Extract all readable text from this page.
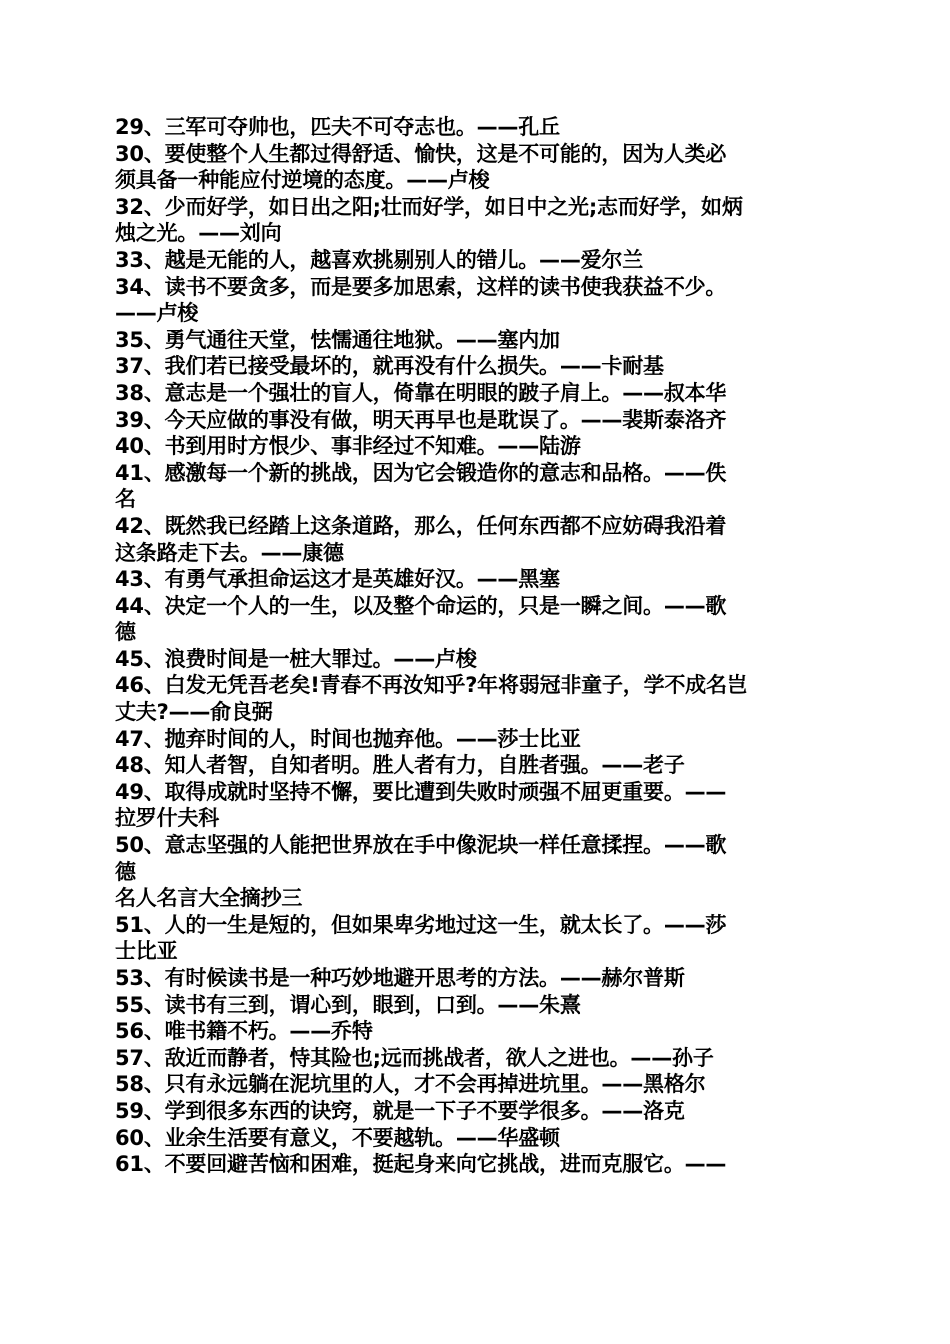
29、三军可夺帅也，匹夫不可夺志也。——孔丘
30、要使整个人生都过得舒适、愉快，这是不可能的，因为人类必
须具备一种能应付逆境的态度。——卢梭
32、少而好学，如日出之阳;壮而好学，如日中之光;志而好学，如炳
烛之光。——刘向
33、越是无能的人，越喜欢挑剔别人的错儿。——爱尔兰
34、读书不要贪多，而是要多加思索，这样的读书使我获益不少。
——卢梭
35、勇气通往天堂，怯懦通往地狱。——塞内加
37、我们若已接受最坏的，就再没有什么损失。——卡耐基
38、意志是一个强壮的盲人，倚靠在明眼的跛子肩上。——叔本华
39、今天应做的事没有做，明天再早也是耽误了。——裴斯泰洛齐
40、书到用时方恨少、事非经过不知难。——陆游
41、感激每一个新的挑战，因为它会锻造你的意志和品格。——佚
名
42、既然我已经踏上这条道路，那么，任何东西都不应妨碍我沿着
这条路走下去。——康德
43、有勇气承担命运这才是英雄好汉。——黑塞
44、决定一个人的一生，以及整个命运的，只是一瞬之间。——歌
德
45、浪费时间是一桩大罪过。——卢梭
46、白发无凭吾老矣!青春不再汝知乎?年将弱冠非童子，学不成名岂
丈夫?——俞良弼
47、抛弃时间的人，时间也抛弃他。——莎士比亚
48、知人者智，自知者明。胜人者有力，自胜者强。——老子
49、取得成就时坚持不懈，要比遭到失败时顽强不屈更重要。——
拉罗什夫科
50、意志坚强的人能把世界放在手中像泥块一样任意揉捏。——歌
德
名人名言大全摘抄三
51、人的一生是短的，但如果卑劣地过这一生，就太长了。——莎
士比亚
53、有时候读书是一种巧妙地避开思考的方法。——赫尔普斯
55、读书有三到，谓心到，眼到，口到。——朱熹
56、唯书籍不朽。——乔特
57、敌近而静者，恃其险也;远而挑战者，欲人之进也。——孙子
58、只有永远躺在泥坑里的人，才不会再掉进坑里。——黑格尔
59、学到很多东西的诀窍，就是一下子不要学很多。——洛克
60、业余生活要有意义，不要越轨。——华盛顿
61、不要回避苦恼和困难，挺起身来向它挑战，进而克服它。——
